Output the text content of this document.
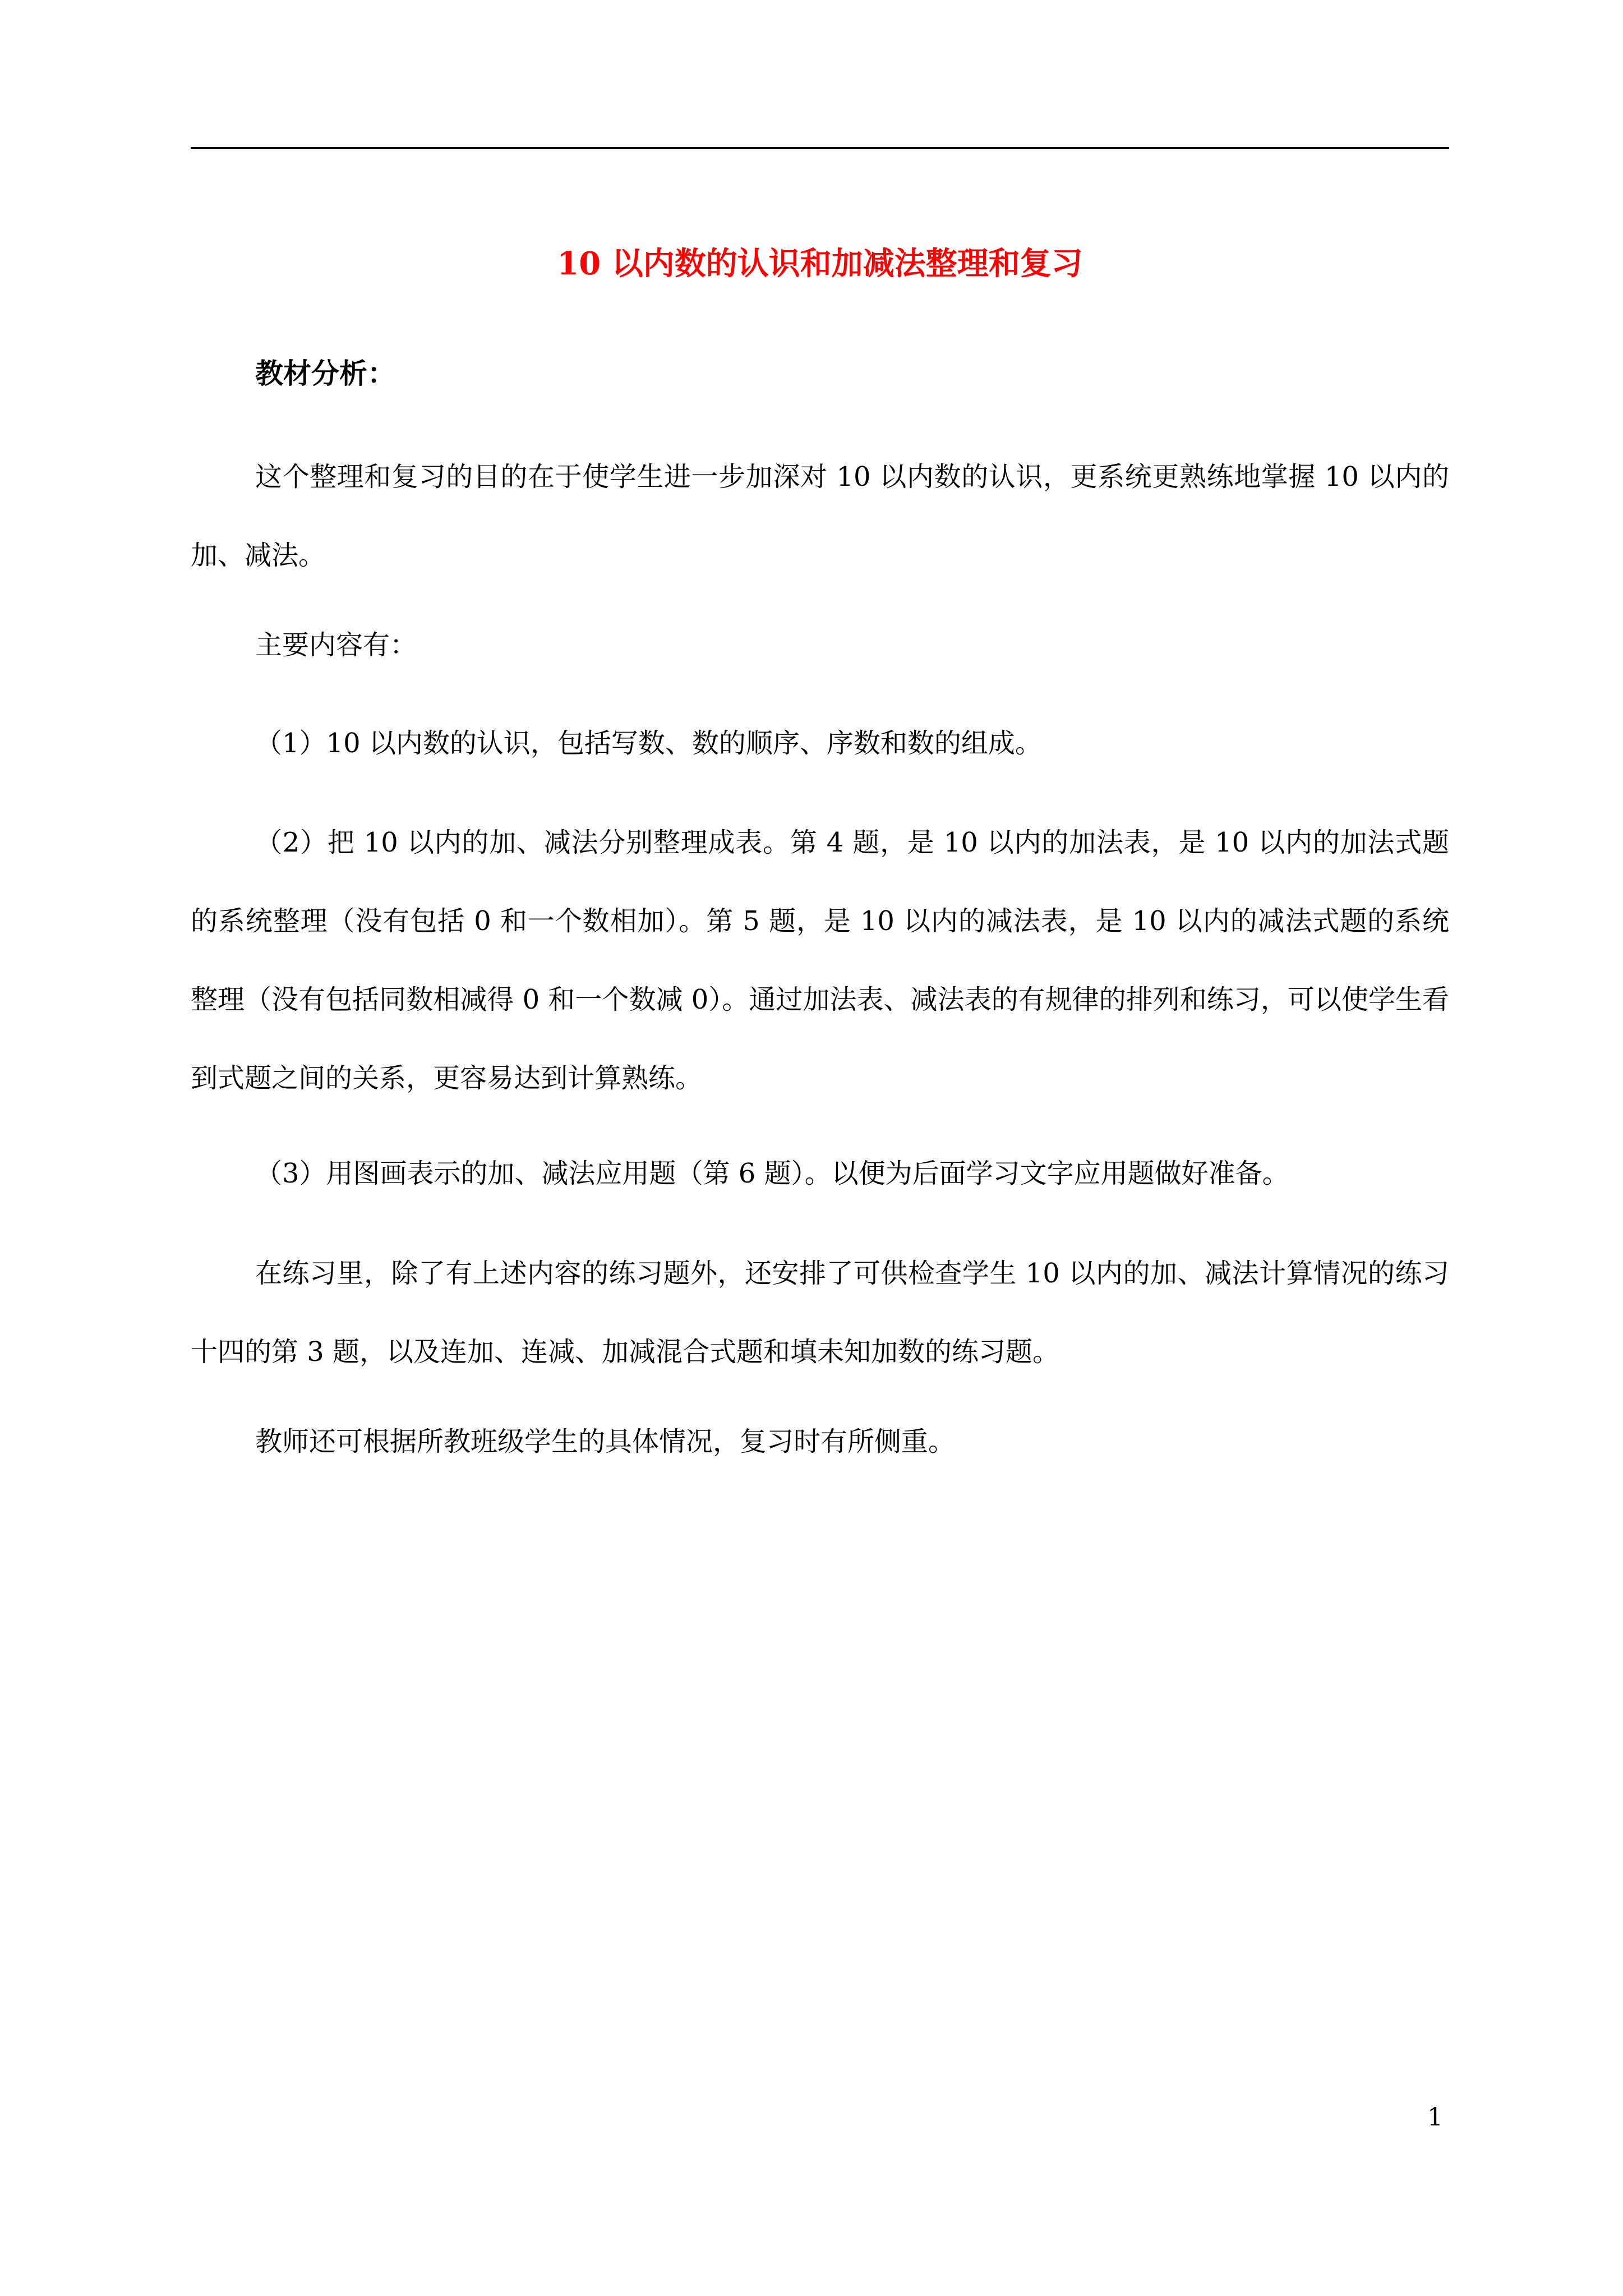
10 以内数的认识和加减法整理和复习
教材分析：

这个整理和复习的目的在于使学生进一步加深对 10 以内数的认识，更系统更熟练地掌握 10 以内的加、减法。

主要内容有：

（1）10 以内数的认识，包括写数、数的顺序、序数和数的组成。

（2）把 10 以内的加、减法分别整理成表。第 4 题，是 10 以内的加法表，是 10 以内的加法式题的系统整理（没有包括 0 和一个数相加）。第 5 题，是 10 以内的减法表，是 10 以内的减法式题的系统整理（没有包括同数相减得 0 和一个数减 0）。通过加法表、减法表的有规律的排列和练习，可以使学生看到式题之间的关系，更容易达到计算熟练。

（3）用图画表示的加、减法应用题（第 6 题）。以便为后面学习文字应用题做好准备。

在练习里，除了有上述内容的练习题外，还安排了可供检查学生 10 以内的加、减法计算情况的练习十四的第 3 题，以及连加、连减、加减混合式题和填未知加数的练习题。

教师还可根据所教班级学生的具体情况，复习时有所侧重。

1
